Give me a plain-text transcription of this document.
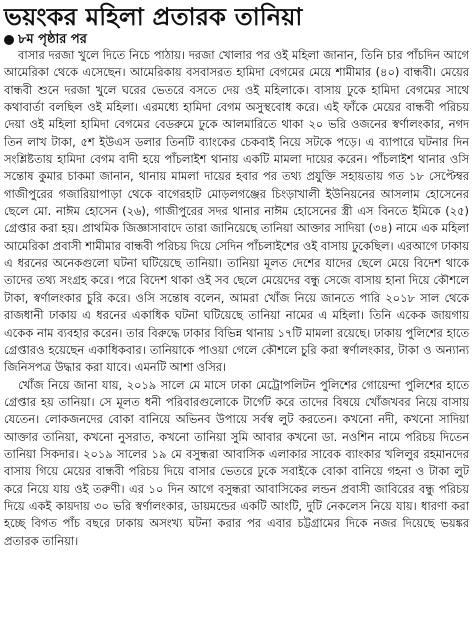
ভয়ংকর মহিলা প্রতারক তানিয়া
৮ম পৃষ্ঠার পর

বাসার দরজা খুলে দিতে নিচে পাঠায়। দরজা খোলার পর ওই মহিলা জানান, তিনি চার পাঁচদিন আগে আমেরিকা থেকে এসেছেন। আমেরিকায় বসবাসরত হামিদা বেগমের মেয়ে শামীমার (৪০) বান্ধবী। মেয়ের বান্ধবী শুনে দরজা খুলে ঘরের ভেতরে বসতে দেয় ওই মহিলাকে। বাসায় ঢুকে হামিদা বেগমের সাথে কথাবার্তা বলছিল ওই মহিলা। এরমধ্যে হামিদা বেগম অসুস্থবোধ করে। এই ফাঁকে মেয়ের বান্ধবী পরিচয় দেয়া ওই মহিলা হামিদা বেগমের বেডরুমে ঢুকে আলমারিতে থাকা ২০ ভরি ওজনের স্বর্ণালংকার, নগদ তিন লাখ টাকা, ৫শ ইউএস ডলার তিনটি ব্যাংকের চেকবাই নিয়ে সটকে পড়ে। এ ব্যাপারে ঘটনার দিন সংশ্লিষ্টতায় হামিদা বেগম বাদী হয়ে পাঁচলাইশ থানায় একটি মামলা দায়ের করেন। পাঁচলাইশ থানার ওসি সন্তোষ কুমার চাকমা জানান, থানায় মামলা দায়ের হবার পর তথ্য প্রযুক্তি সহায়তায় গত ১৮ সেপ্টেম্বর গাজীপুরের গজারিয়াপাড়া থেকে বাগেরহাট মোড়লগঞ্জের চিংড়াখালী ইউনিয়নের আসলাম হোসেনের ছেলে মো. নাঈম হোসেন (২৬), গাজীপুরের সদর থানার নাঈম হোসেনের স্ত্রী এস বিনতে ইমিকে (২৫) গ্রেপ্তার করা হয়। প্রাথমিক জিজ্ঞাসাবাদে তারা জানিয়েছে তানিয়া আক্তার সাদিয়া (৩৪) নামে এক মহিলা আমেরিকা প্রবাসী শামীমার বান্ধবী পরিচয় দিয়ে সেদিন পাঁচলাইশের ওই বাসায় ঢুকেছিল। এরআগে ঢাকায় এ ধরনের অনেকগুলো ঘটনা ঘটিয়েছে তানিয়া। তানিয়া মূলত দেশের যাদের ছেলে মেয়ে বিদেশ থাকে তাদের তথ্য সংগ্রহ করে। পরে বিদেশ থাকা ওই সব ছেলে মেয়েদের বন্ধু সেজে বাসায় হানা দিয়ে কৌশলে টাকা, স্বর্ণালংকার চুরি করে। ওসি সন্তোষ বলেন, আমরা খোঁজ নিয়ে জানতে পারি ২০১৮ সাল থেকে রাজধানী ঢাকায় এ ধরনের একাধিক ঘটনা ঘটিয়েছে তানিয়া নামের এ মহিলা। তিনি একেক জায়গায় একেক নাম ব্যবহার করেন। তার বিরুদ্ধে ঢাকার বিভিন্ন থানায় ১৭টি মামলা রয়েছে। ঢাকায় পুলিশের হাতে গ্রেপ্তারও হয়েছেন একাধিকবার। তানিয়াকে পাওয়া গেলে কৌশলে চুরি করা স্বর্ণালংকার, টাকা ও অন্যান্য জিনিসপত্র উদ্ধার করা যাবে। এমনটি আশা ওসির।

খোঁজ নিয়ে জানা যায়, ২০১৯ সালে মে মাসে ঢাকা মেট্রোপলিটন পুলিশের গোয়েন্দা পুলিশের হাতে গ্রেপ্তার হয় তানিয়া। সে মূলত ধনী পরিবারগুলোকে টার্গেট করে তাদের বিষয়ে খোঁজখবর নিয়ে বাসায় যেতেন। লোকজনদের বোকা বানিয়ে অভিনব উপায়ে সর্বস্ব লুট করতেন। কখনো নদী, কখনো সাদিয়া আক্তার তানিয়া, কখনো নুসরাত, কখনো তানিয়া সুমি আবার কখনো ডা. নওশিন নামে পরিচয় দিতেন তানিয়া সিকদার। ২০১৯ সালের ১৯ মে বসুন্ধরা আবাসিক এলাকার সাবেক ব্যাংকার খলিলুর রহমানদের বাসায় গিয়ে মেয়ের বান্ধবী পরিচয় দিয়ে বাসার ভেতরে ঢুকে সবাইকে বোকা বানিয়ে গহনা ও টাকা লুট করে নিয়ে যায় ওই তরুণী। এর ১০ দিন আগে বসুন্ধরা আবাসিকের লন্ডন প্রবাসী জাবিরের বন্ধু পরিচয় দিয়ে একই কায়দায় ৩০ ভরি স্বর্ণালংকার, ডায়মন্ডের একটি আংটি, দুটি নেকলেস নিয়ে যায়। ধারণা করা হচ্ছে বিগত পাঁচ বছরে ঢাকায় অসংখ্য ঘটনা করার পর এবার চট্টগ্রামের দিকে নজর দিয়েছে ভয়ঙ্কর প্রতারক তানিয়া।
